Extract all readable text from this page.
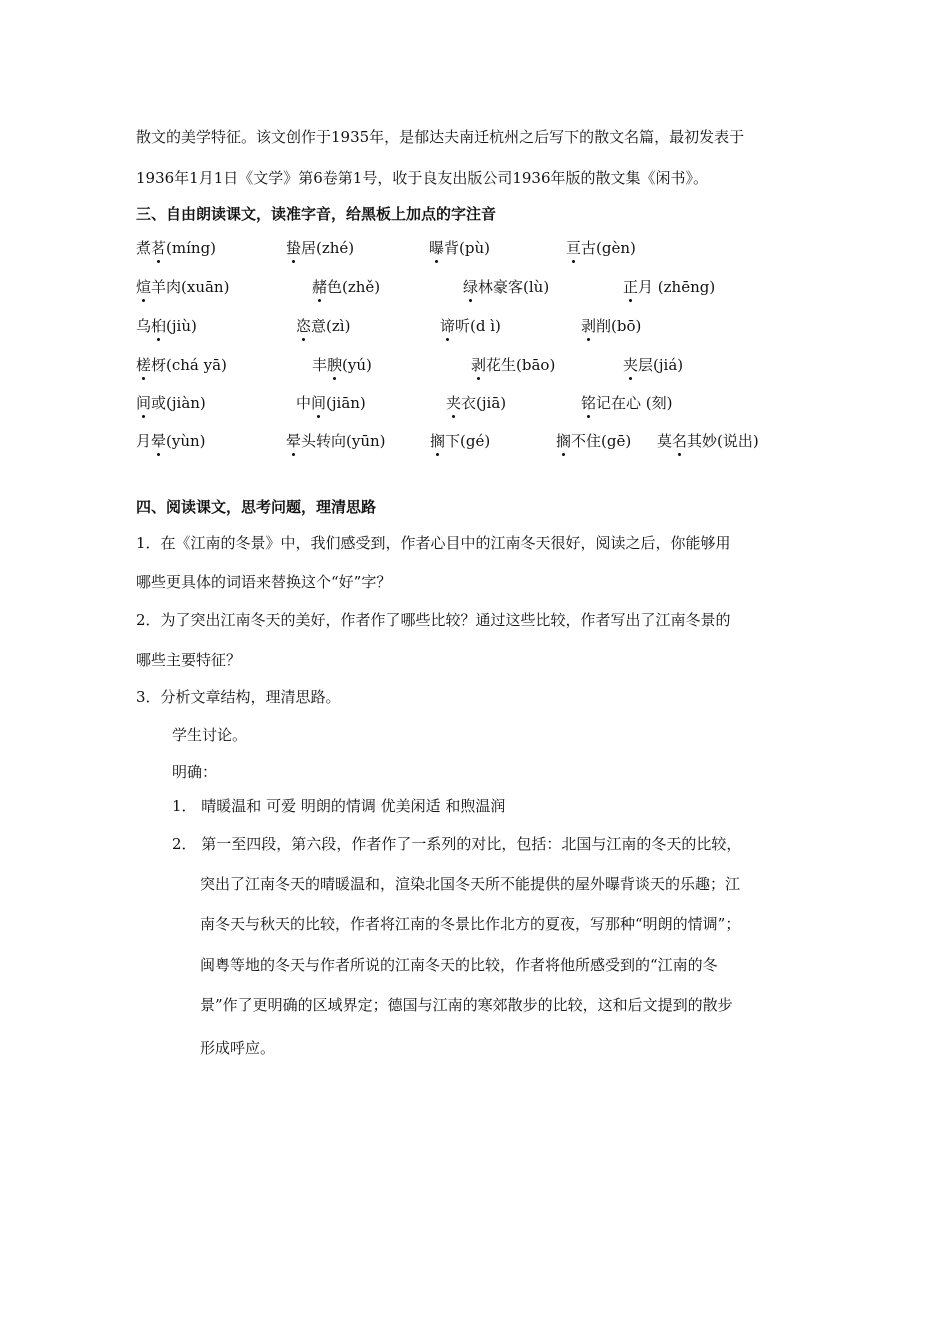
散文的美学特征。该文创作于1935年，是郁达夫南迁杭州之后写下的散文名篇，最初发表于
1936年1月1日《文学》第6卷第1号，收于良友出版公司1936年版的散文集《闲书》。
三、自由朗读课文，读准字音，给黑板上加点的字注音
煮茗(míng)	蛰居(zhé)	曝背(pù)	亘古(gèn)
煊羊肉(xuān)	赭色(zhě)	绿林豪客(lù)	正月 (zhēng)
乌桕(jiù)	恣意(zì)	谛听(d ì)	剥削(bō)
槎枒(chá yā)	丰腴(yú)	剥花生(bāo)	夹层(jiá)
间或(jiàn)	中间(jiān)	夹衣(jiā)	铭记在心 (刻)
月晕(yùn)	晕头转向(yūn)	搁下(gé)	搁不住(gē) 莫名其妙(说出)
四、阅读课文，思考问题，理清思路
1．在《江南的冬景》中，我们感受到，作者心目中的江南冬天很好，阅读之后，你能够用
哪些更具体的词语来替换这个“好”字？
2．为了突出江南冬天的美好，作者作了哪些比较？通过这些比较，作者写出了江南冬景的
哪些主要特征？
3．分析文章结构，理清思路。
学生讨论。
明确：
1． 晴暖温和 可爱 明朗的情调 优美闲适 和煦温润
2． 第一至四段，第六段，作者作了一系列的对比，包括：北国与江南的冬天的比较，
突出了江南冬天的晴暖温和，渲染北国冬天所不能提供的屋外曝背谈天的乐趣；江
南冬天与秋天的比较，作者将江南的冬景比作北方的夏夜，写那种“明朗的情调”；
闽粤等地的冬天与作者所说的江南冬天的比较，作者将他所感受到的“江南的冬
景”作了更明确的区域界定；德国与江南的寒郊散步的比较，这和后文提到的散步
形成呼应。
